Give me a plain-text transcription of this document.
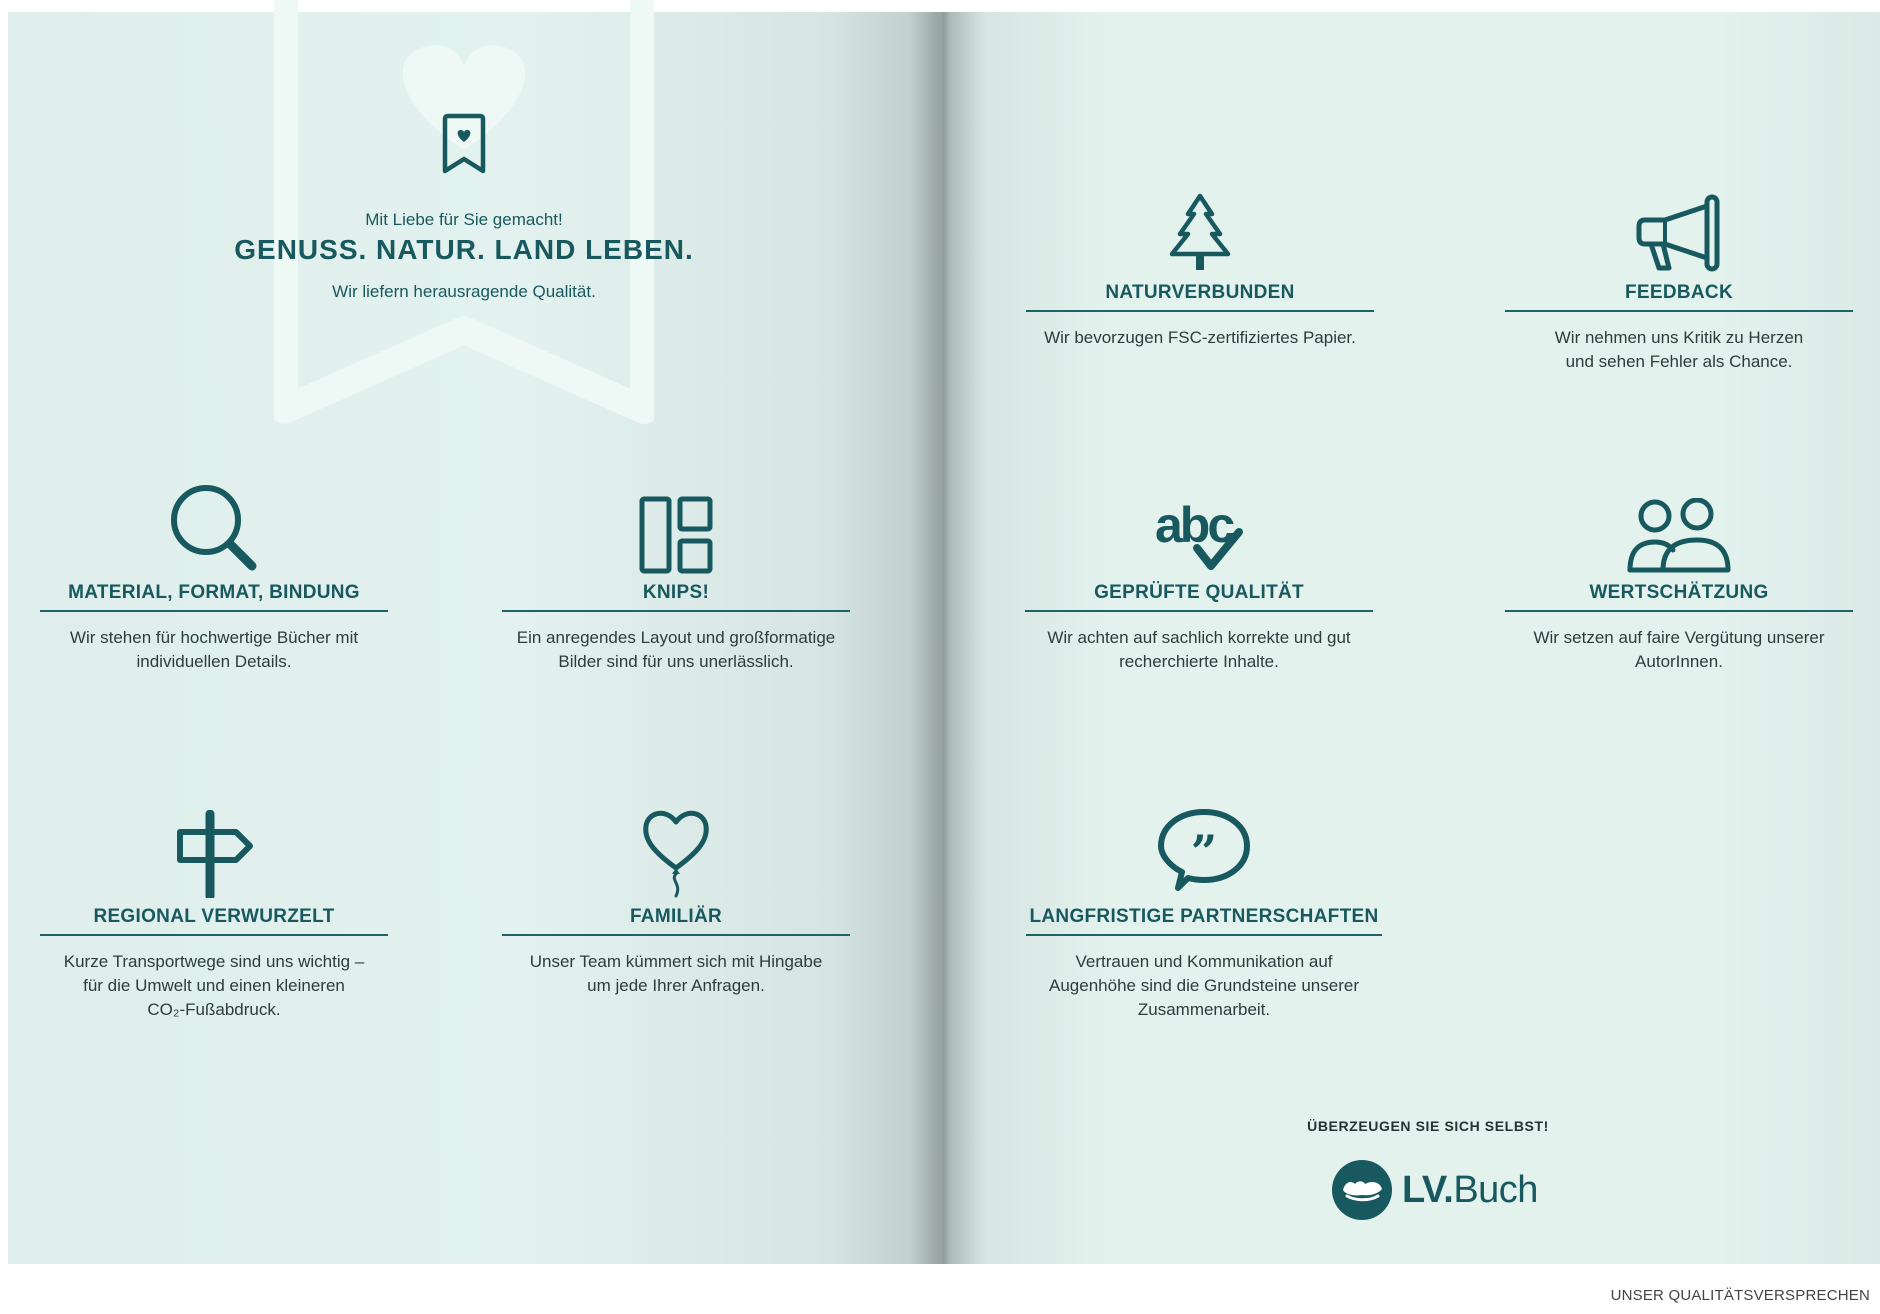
Mit Liebe für Sie gemacht!
GENUSS. NATUR. LAND LEBEN.
Wir liefern herausragende Qualität.
MATERIAL, FORMAT, BINDUNG
Wir stehen für hochwertige Bücher mit
individuellen Details.
KNIPS!
Ein anregendes Layout und großformatige
Bilder sind für uns unerlässlich.
REGIONAL VERWURZELT
Kurze Transportwege sind uns wichtig –
für die Umwelt und einen kleineren
CO₂-Fußabdruck.
FAMILIÄR
Unser Team kümmert sich mit Hingabe
um jede Ihrer Anfragen.
NATURVERBUNDEN
Wir bevorzugen FSC-zertifiziertes Papier.
FEEDBACK
Wir nehmen uns Kritik zu Herzen
und sehen Fehler als Chance.
abc
GEPRÜFTE QUALITÄT
Wir achten auf sachlich korrekte und gut
recherchierte Inhalte.
WERTSCHÄTZUNG
Wir setzen auf faire Vergütung unserer
AutorInnen.
”
LANGFRISTIGE PARTNERSCHAFTEN
Vertrauen und Kommunikation auf
Augenhöhe sind die Grundsteine unserer
Zusammenarbeit.
ÜBERZEUGEN SIE SICH SELBST!
LV.Buch
UNSER QUALITÄTSVERSPRECHEN
